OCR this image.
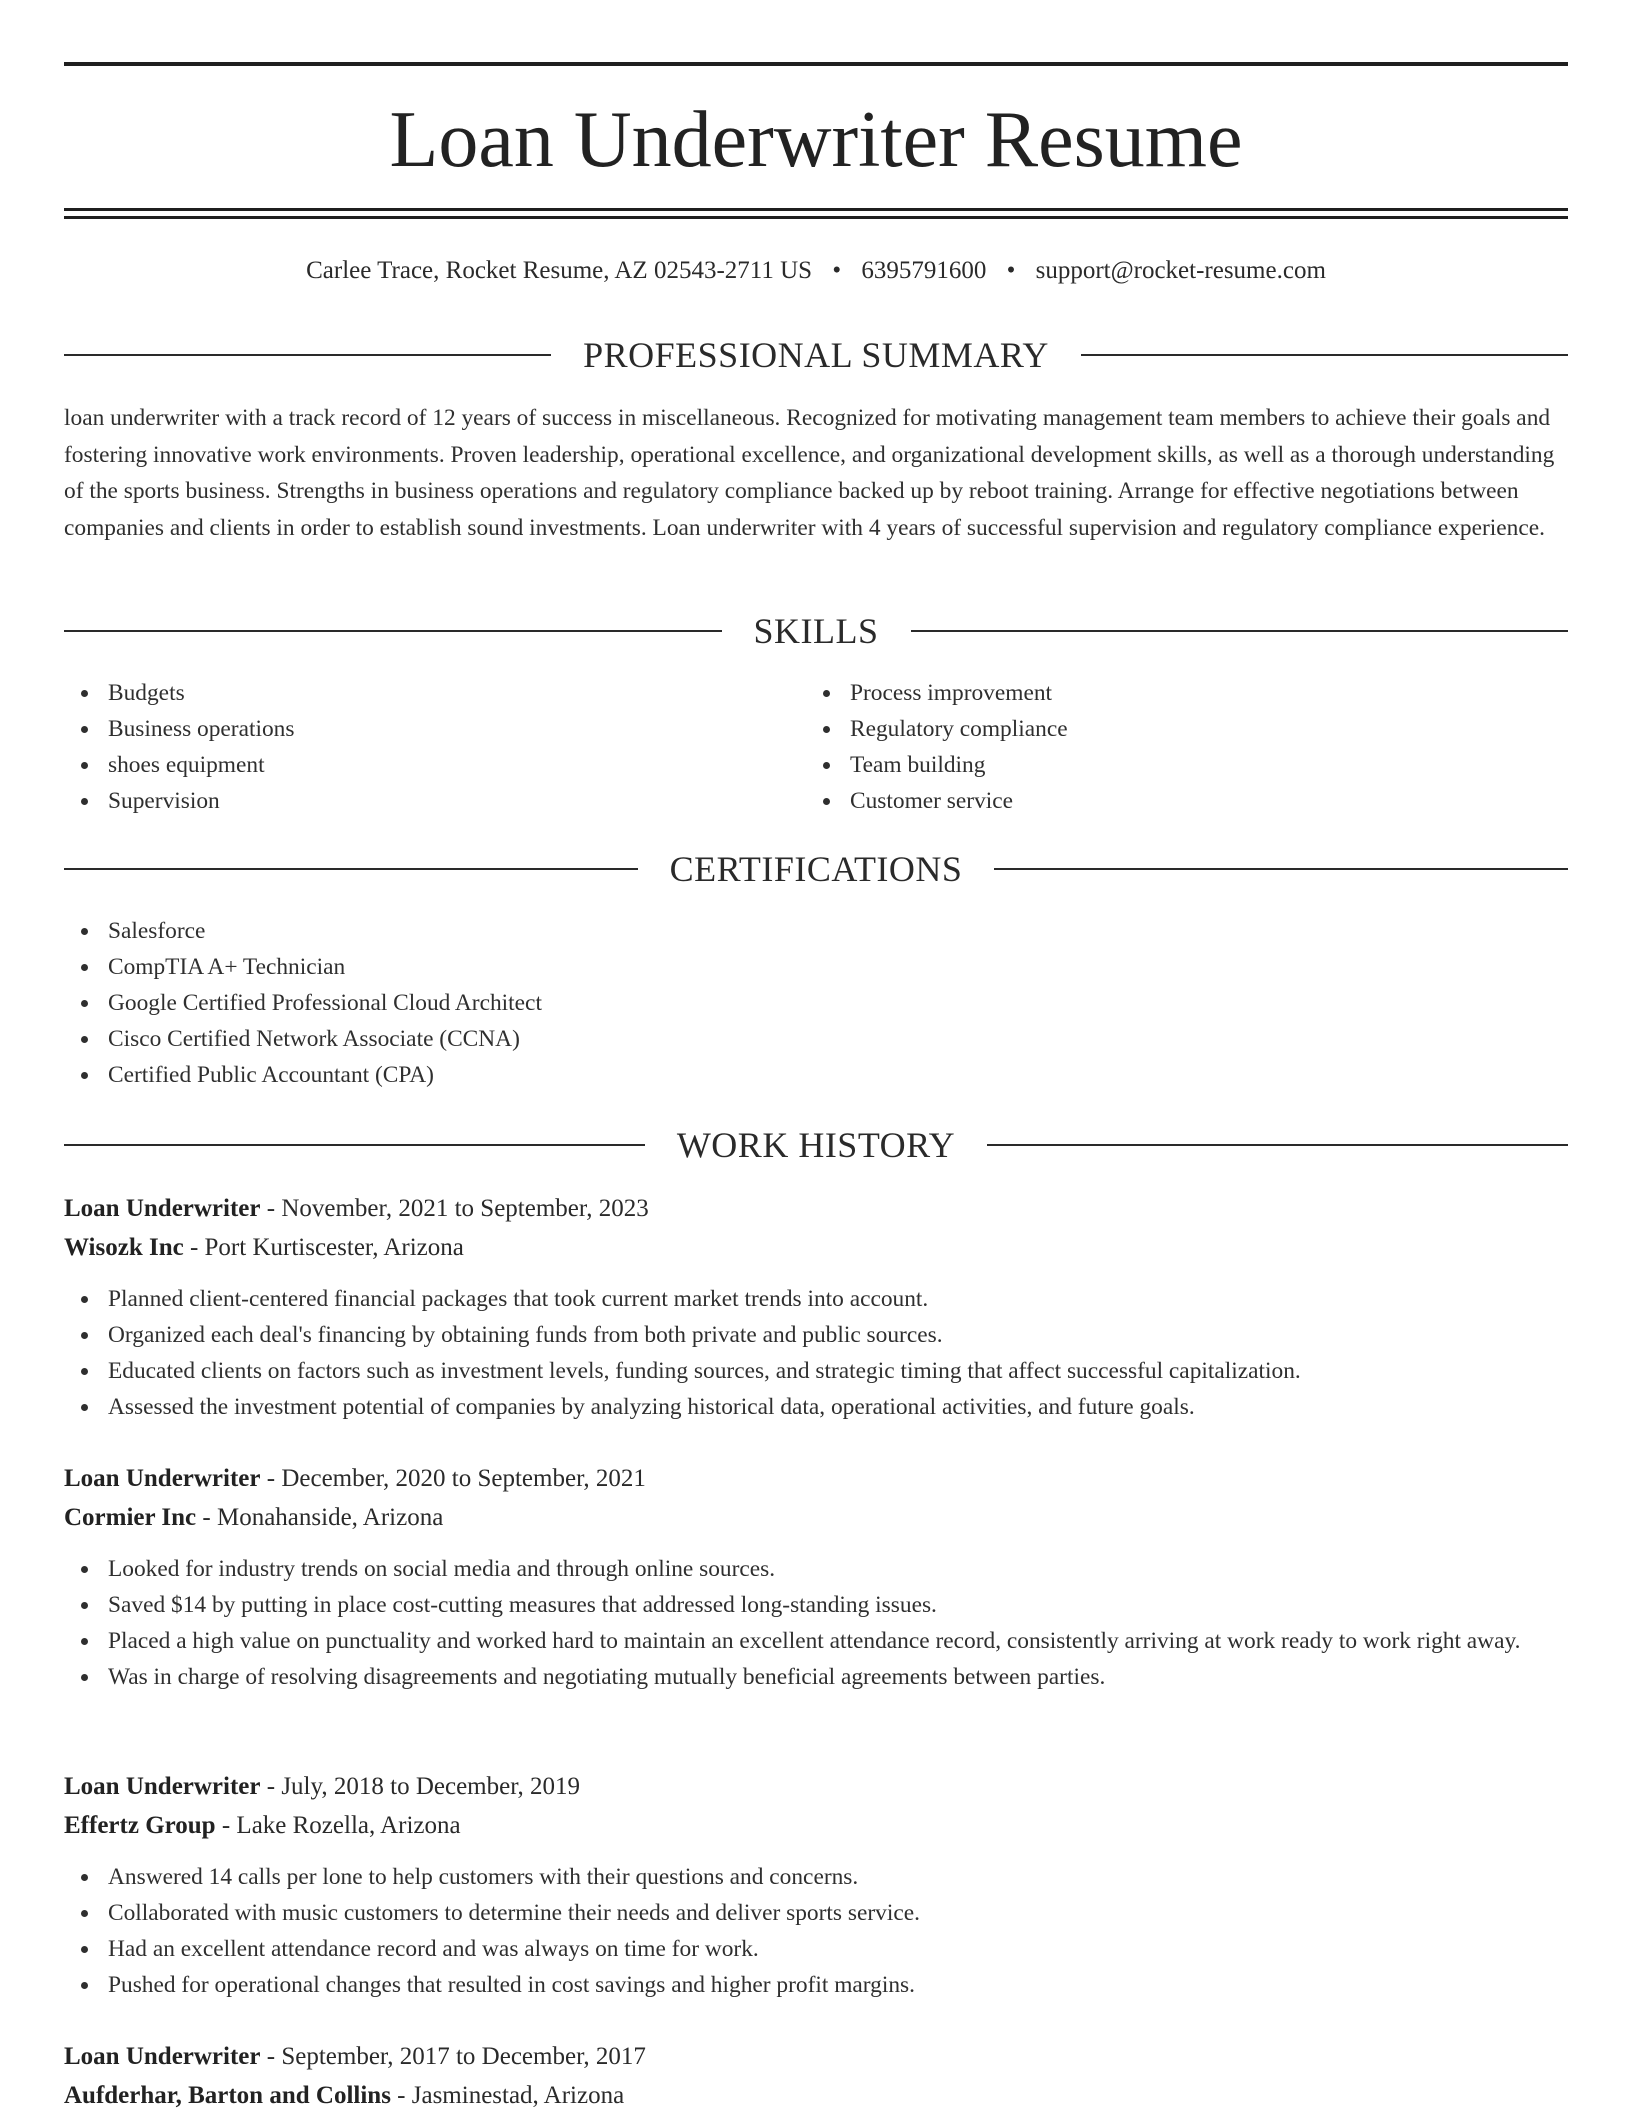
Loan Underwriter Resume
Carlee Trace, Rocket Resume, AZ 02543-2711 US • 6395791600 • support@rocket-resume.com
PROFESSIONAL SUMMARY

loan underwriter with a track record of 12 years of success in miscellaneous. Recognized for motivating management team members to achieve their goals and fostering innovative work environments. Proven leadership, operational excellence, and organizational development skills, as well as a thorough understanding of the sports business. Strengths in business operations and regulatory compliance backed up by reboot training. Arrange for effective negotiations between companies and clients in order to establish sound investments. Loan underwriter with 4 years of successful supervision and regulatory compliance experience.

SKILLS
Budgets
Business operations
shoes equipment
Supervision
Process improvement
Regulatory compliance
Team building
Customer service
CERTIFICATIONS
Salesforce
CompTIA A+ Technician
Google Certified Professional Cloud Architect
Cisco Certified Network Associate (CCNA)
Certified Public Accountant (CPA)
WORK HISTORY
Loan Underwriter - November, 2021 to September, 2023
Wisozk Inc - Port Kurtiscester, Arizona
Planned client-centered financial packages that took current market trends into account.
Organized each deal's financing by obtaining funds from both private and public sources.
Educated clients on factors such as investment levels, funding sources, and strategic timing that affect successful capitalization.
Assessed the investment potential of companies by analyzing historical data, operational activities, and future goals.
Loan Underwriter - December, 2020 to September, 2021
Cormier Inc - Monahanside, Arizona
Looked for industry trends on social media and through online sources.
Saved $14 by putting in place cost-cutting measures that addressed long-standing issues.
Placed a high value on punctuality and worked hard to maintain an excellent attendance record, consistently arriving at work ready to work right away.
Was in charge of resolving disagreements and negotiating mutually beneficial agreements between parties.
Loan Underwriter - July, 2018 to December, 2019
Effertz Group - Lake Rozella, Arizona
Answered 14 calls per lone to help customers with their questions and concerns.
Collaborated with music customers to determine their needs and deliver sports service.
Had an excellent attendance record and was always on time for work.
Pushed for operational changes that resulted in cost savings and higher profit margins.
Loan Underwriter - September, 2017 to December, 2017
Aufderhar, Barton and Collins - Jasminestad, Arizona
